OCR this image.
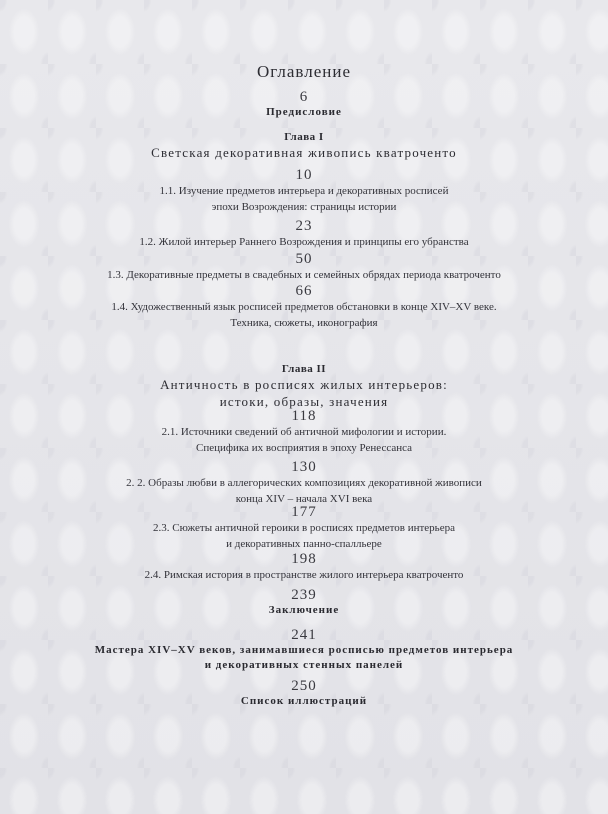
Оглавление
6
Предисловие
Глава I
Светская декоративная живопись кватроченто
10
1.1. Изучение предметов интерьера и декоративных росписей
эпохи Возрождения: страницы истории
23
1.2. Жилой интерьер Раннего Возрождения и принципы его убранства
50
1.3. Декоративные предметы в свадебных и семейных обрядах периода кватроченто
66
1.4. Художественный язык росписей предметов обстановки в конце XIV–XV веке.
Техника, сюжеты, иконография
Глава II
Античность в росписях жилых интерьеров:
истоки, образы, значения
118
2.1. Источники сведений об античной мифологии и истории.
Специфика их восприятия в эпоху Ренессанса
130
2. 2. Образы любви в аллегорических композициях декоративной живописи
конца XIV – начала XVI века
177
2.3. Сюжеты античной героики в росписях предметов интерьера
и декоративных панно-спалльере
198
2.4. Римская история в пространстве жилого интерьера кватроченто
239
Заключение
241
Мастера XIV–XV веков, занимавшиеся росписью предметов интерьера
и декоративных стенных панелей
250
Список иллюстраций
